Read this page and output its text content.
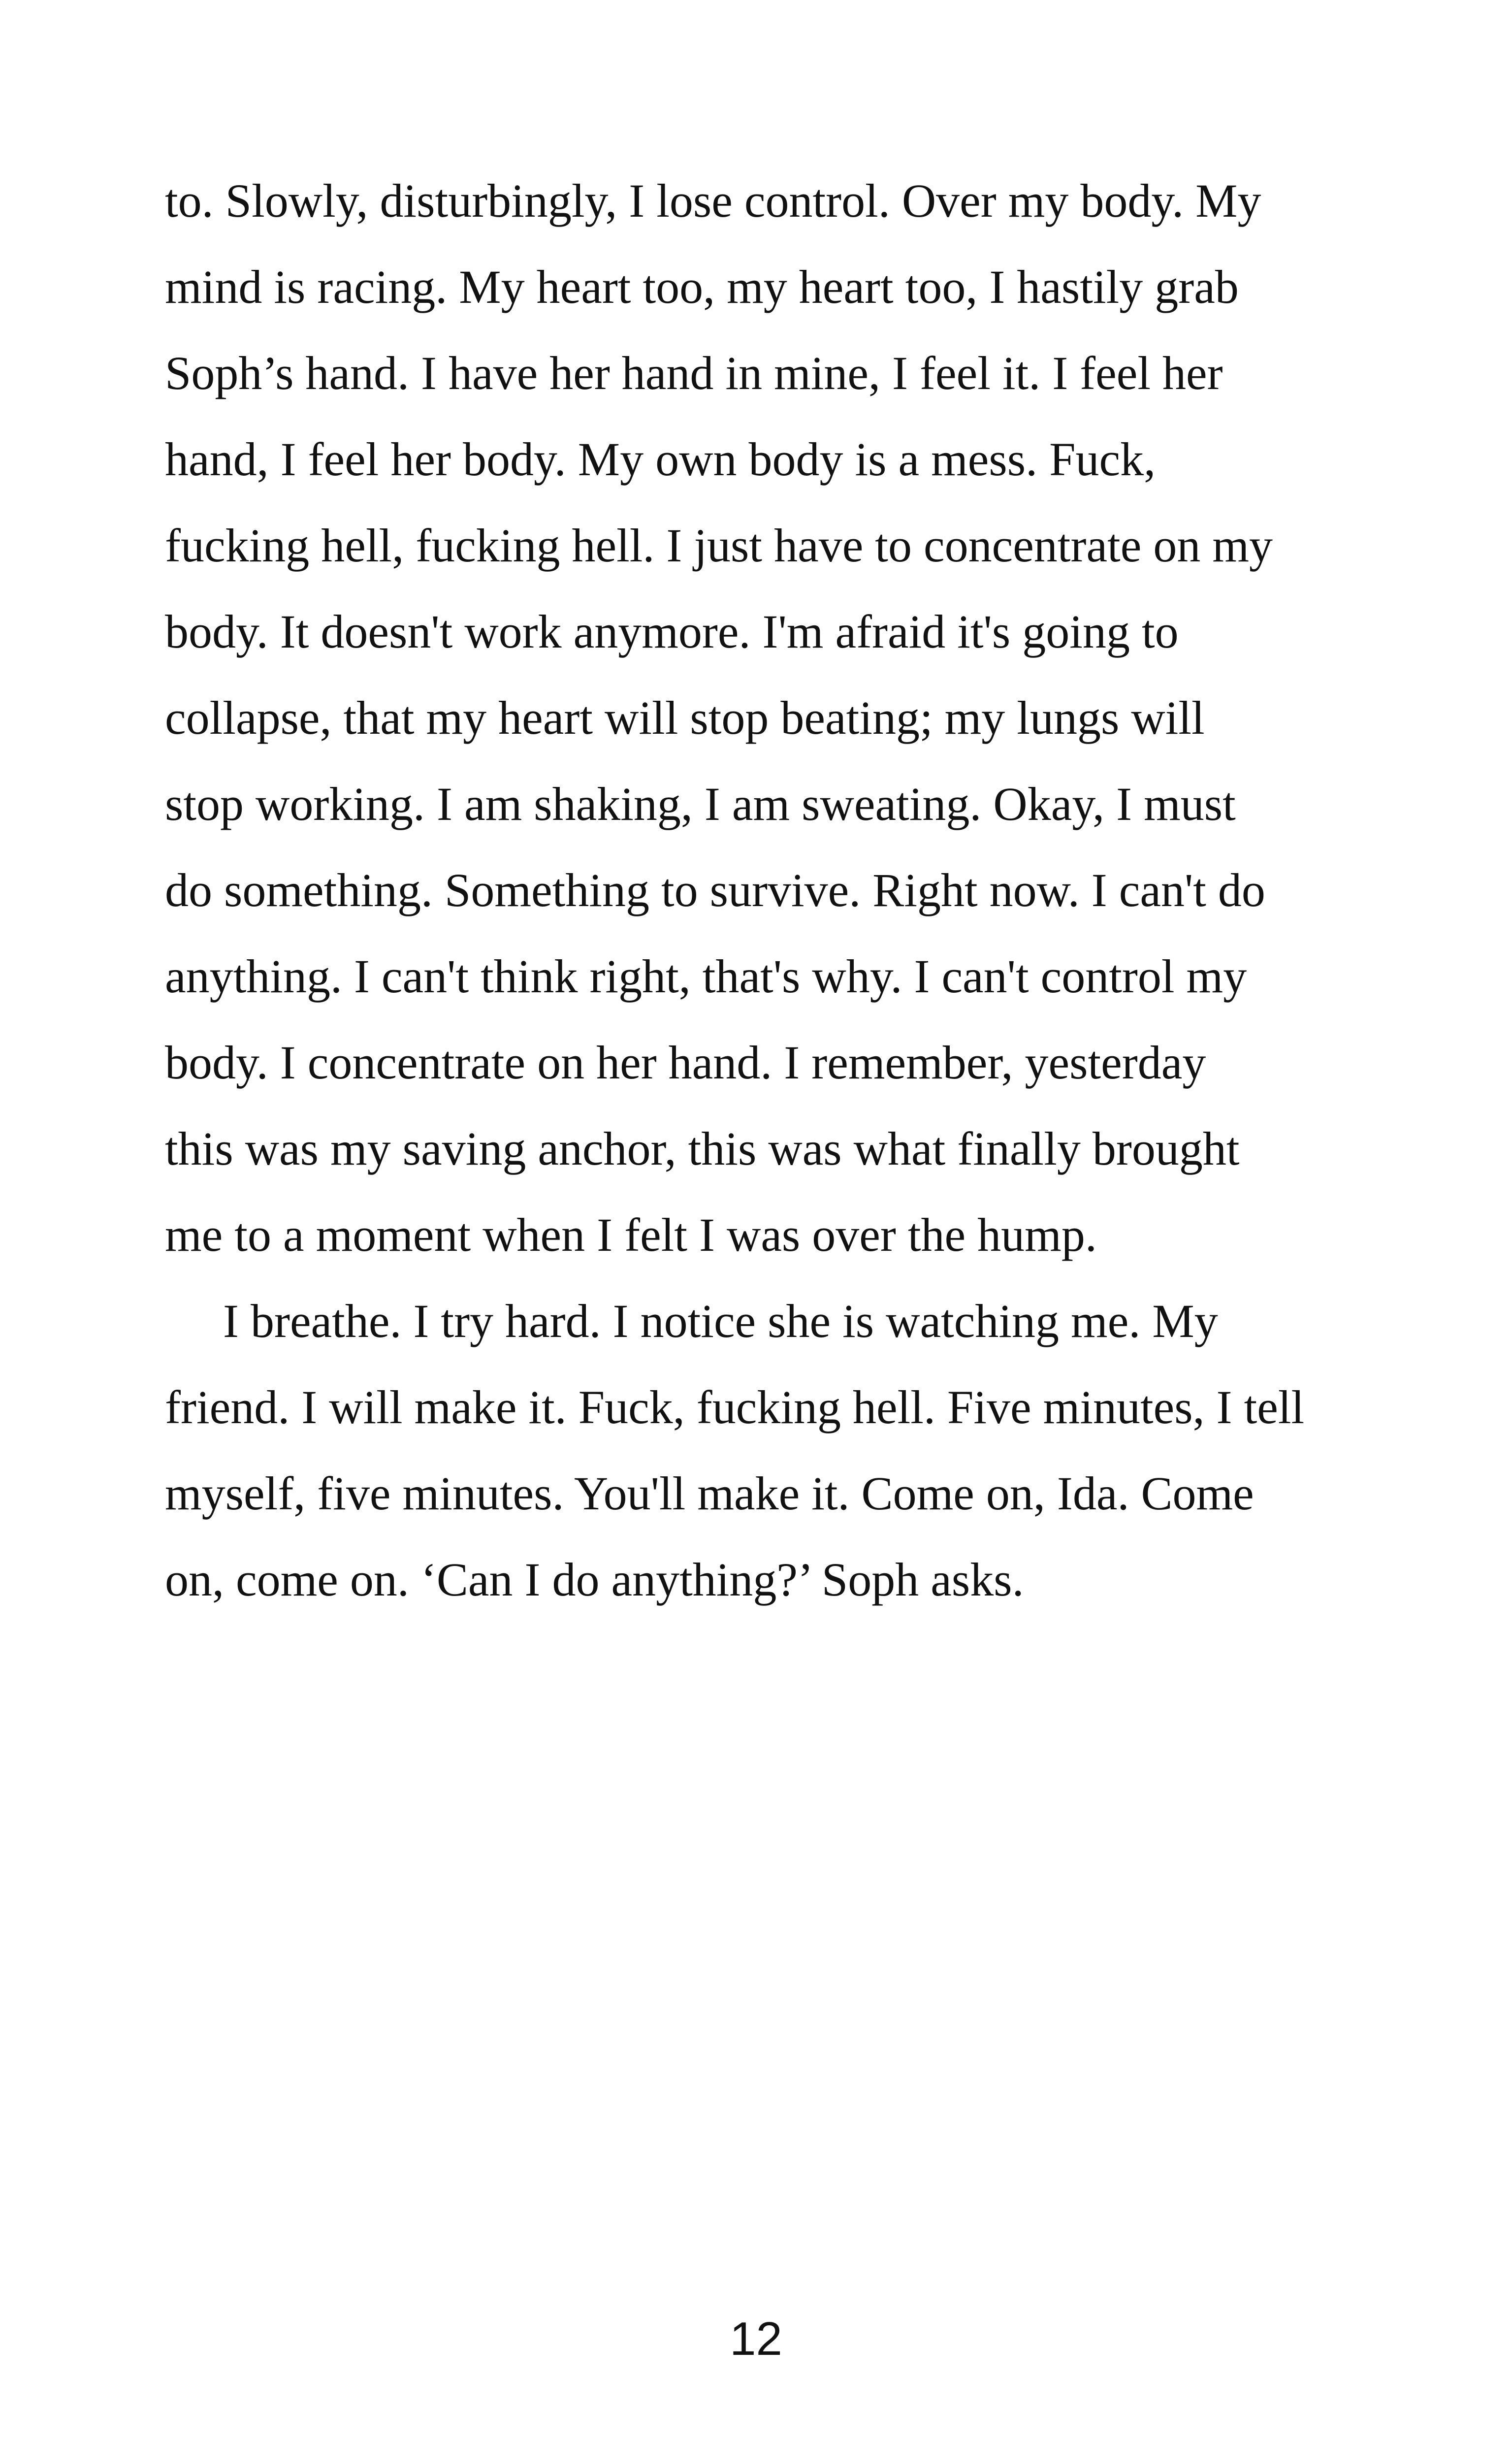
to. Slowly, disturbingly, I lose control. Over my body. My
mind is racing. My heart too, my heart too, I hastily grab
Soph’s hand. I have her hand in mine, I feel it. I feel her
hand, I feel her body. My own body is a mess. Fuck,
fucking hell, fucking hell. I just have to concentrate on my
body. It doesn't work anymore. I'm afraid it's going to
collapse, that my heart will stop beating; my lungs will
stop working. I am shaking, I am sweating. Okay, I must
do something. Something to survive. Right now. I can't do
anything. I can't think right, that's why. I can't control my
body. I concentrate on her hand. I remember, yesterday
this was my saving anchor, this was what finally brought
me to a moment when I felt I was over the hump.
I breathe. I try hard. I notice she is watching me. My
friend. I will make it. Fuck, fucking hell. Five minutes, I tell
myself, five minutes. You'll make it. Come on, Ida. Come
on, come on. ‘Can I do anything?’ Soph asks.
12
